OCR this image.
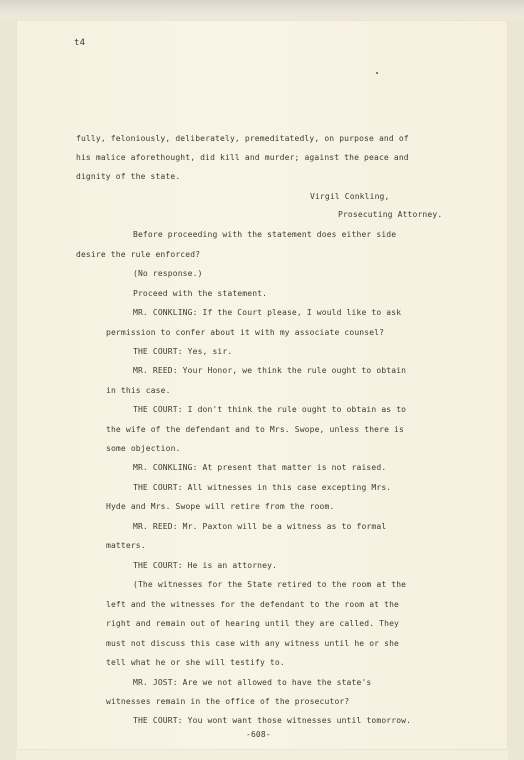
t4
fully, feloniously, deliberately, premeditatedly, on purpose and of
his malice aforethought, did kill and murder; against the peace and
dignity of the state.
Virgil Conkling,
Prosecuting Attorney.
Before proceeding with the statement does either side
desire the rule enforced?
(No response.)
Proceed with the statement.
MR. CONKLING: If the Court please, I would like to ask
permission to confer about it with my associate counsel?
THE COURT: Yes, sir.
MR. REED: Your Honor, we think the rule ought to obtain
in this case.
THE COURT: I don't think the rule ought to obtain as to
the wife of the defendant and to Mrs. Swope, unless there is
some objection.
MR. CONKLING: At present that matter is not raised.
THE COURT: All witnesses in this case excepting Mrs.
Hyde and Mrs. Swope will retire from the room.
MR. REED: Mr. Paxton will be a witness as to formal
matters.
THE COURT: He is an attorney.
(The witnesses for the State retired to the room at the
left and the witnesses for the defendant to the room at the
right and remain out of hearing until they are called. They
must not discuss this case with any witness until he or she
tell what he or she will testify to.
MR. JOST: Are we not allowed to have the state's
witnesses remain in the office of the prosecutor?
THE COURT: You wont want those witnesses until tomorrow.
-608-
